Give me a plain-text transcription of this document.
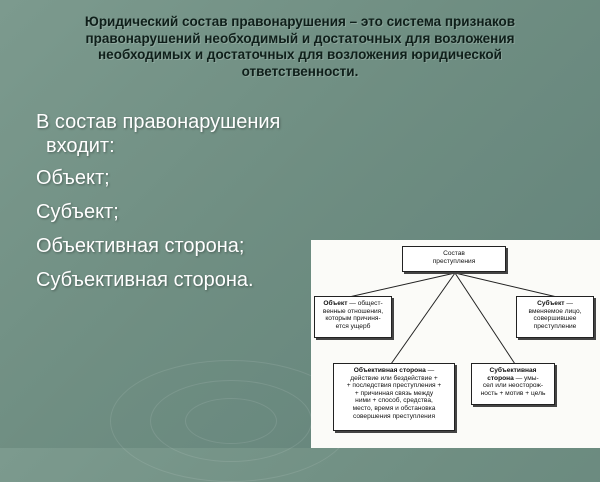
Юридический состав правонарушения – это система признаков
правонарушений необходимый и достаточных для возложения
необходимых и достаточных для возложения юридической
ответственности.
В состав правонарушения
входит:
Объект;
Субъект;
Объективная сторона;
Субъективная сторона.
Состав
преступления
Объект — общест-
венные отношения,
которым причиня-
ется ущерб
Субъект —
вменяемое лицо,
совершившее
преступление
Объективная сторона —
действие или бездействие +
+ последствия преступления +
+ причинная связь между
ними + способ, средства,
место, время и обстановка
совершения преступления
Субъективная
сторона — умы-
сел или неосторож-
ность + мотив + цель
